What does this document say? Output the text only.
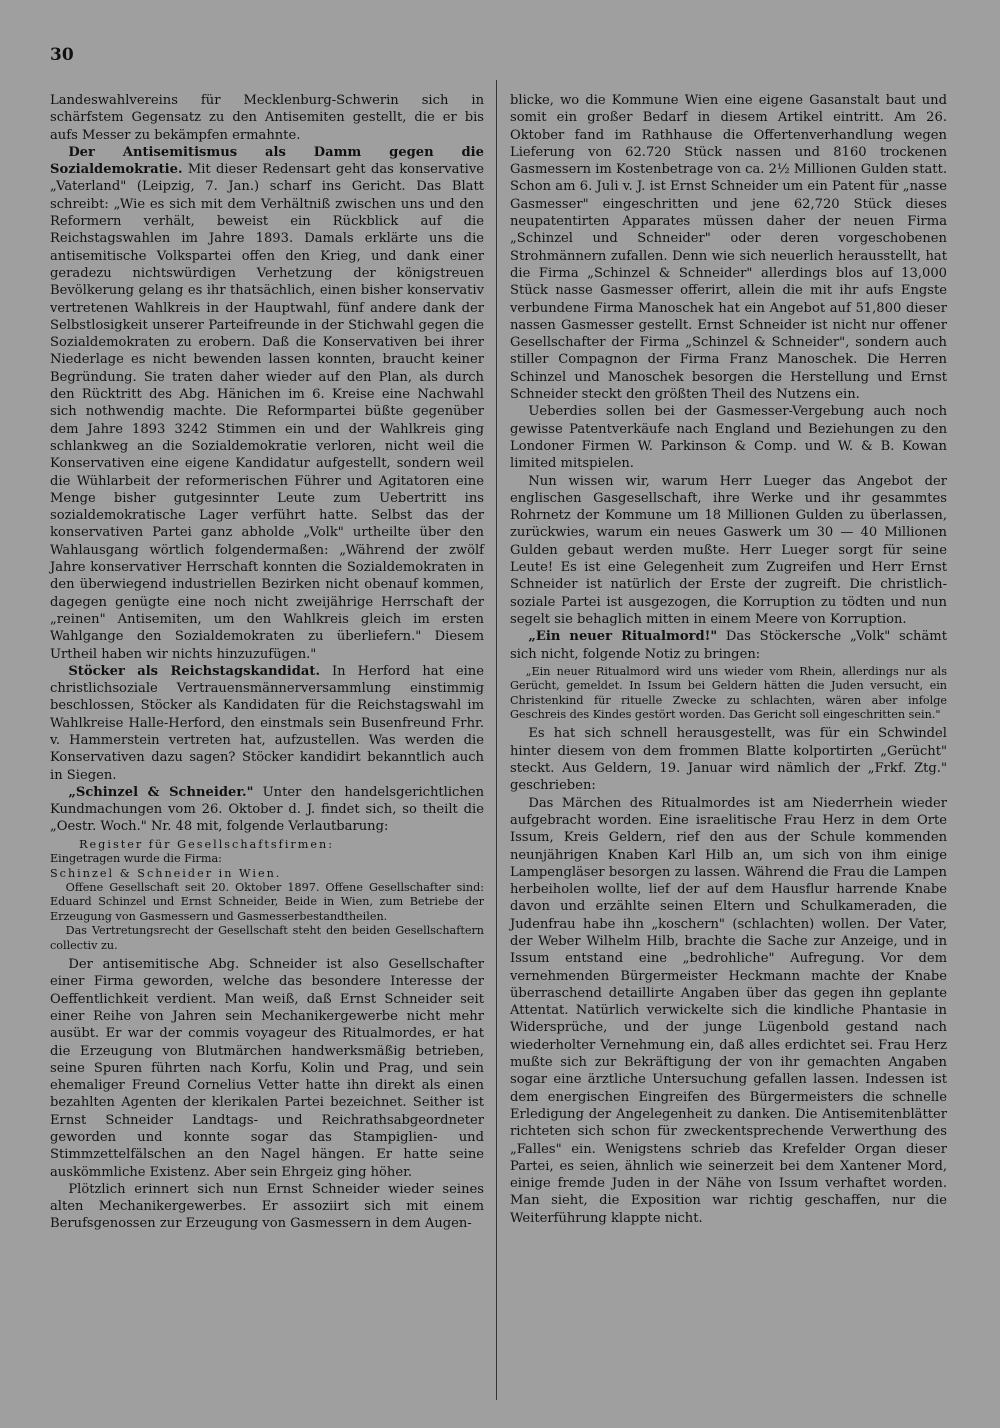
30

Landeswahlvereins für Mecklenburg-Schwerin sich in schärfstem Gegensatz zu den Antisemiten gestellt, die er bis aufs Messer zu bekämpfen ermahnte.

Der Antisemitismus als Damm gegen die Sozialdemokratie. Mit dieser Redensart geht das konservative „Vaterland" (Leipzig, 7. Jan.) scharf ins Gericht. Das Blatt schreibt: „Wie es sich mit dem Verhältniß zwischen uns und den Reformern verhält, beweist ein Rückblick auf die Reichstagswahlen im Jahre 1893. Damals erklärte uns die antisemitische Volkspartei offen den Krieg, und dank einer geradezu nichtswürdigen Verhetzung der königstreuen Bevölkerung gelang es ihr thatsächlich, einen bisher konservativ vertretenen Wahlkreis in der Hauptwahl, fünf andere dank der Selbstlosigkeit unserer Parteifreunde in der Stichwahl gegen die Sozialdemokraten zu erobern. Daß die Konservativen bei ihrer Niederlage es nicht bewenden lassen konnten, braucht keiner Begründung. Sie traten daher wieder auf den Plan, als durch den Rücktritt des Abg. Hänichen im 6. Kreise eine Nachwahl sich nothwendig machte. Die Reformpartei büßte gegenüber dem Jahre 1893 3242 Stimmen ein und der Wahlkreis ging schlankweg an die Sozialdemokratie verloren, nicht weil die Konservativen eine eigene Kandidatur aufgestellt, sondern weil die Wühlarbeit der reformerischen Führer und Agitatoren eine Menge bisher gutgesinnter Leute zum Uebertritt ins sozialdemokratische Lager verführt hatte. Selbst das der konservativen Partei ganz abholde „Volk" urtheilte über den Wahlausgang wörtlich folgendermaßen: „Während der zwölf Jahre konservativer Herrschaft konnten die Sozialdemokraten in den überwiegend industriellen Bezirken nicht obenauf kommen, dagegen genügte eine noch nicht zweijährige Herrschaft der „reinen" Antisemiten, um den Wahlkreis gleich im ersten Wahlgange den Sozialdemokraten zu überliefern." Diesem Urtheil haben wir nichts hinzuzufügen."

Stöcker als Reichstagskandidat. In Herford hat eine christlichsoziale Vertrauensmännerversammlung einstimmig beschlossen, Stöcker als Kandidaten für die Reichstagswahl im Wahlkreise Halle-Herford, den einstmals sein Busenfreund Frhr. v. Hammerstein vertreten hat, aufzustellen. Was werden die Konservativen dazu sagen? Stöcker kandidirt bekanntlich auch in Siegen.

„Schinzel & Schneider." Unter den handelsgerichtlichen Kundmachungen vom 26. Oktober d. J. findet sich, so theilt die „Oestr. Woch." Nr. 48 mit, folgende Verlautbarung:

Register für Gesellschaftsfirmen:

Eingetragen wurde die Firma:

Schinzel & Schneider in Wien.

Offene Gesellschaft seit 20. Oktober 1897. Offene Gesellschafter sind: Eduard Schinzel und Ernst Schneider, Beide in Wien, zum Betriebe der Erzeugung von Gasmessern und Gasmesserbestandtheilen.

Das Vertretungsrecht der Gesellschaft steht den beiden Gesellschaftern collectiv zu.

Der antisemitische Abg. Schneider ist also Gesellschafter einer Firma geworden, welche das besondere Interesse der Oeffentlichkeit verdient. Man weiß, daß Ernst Schneider seit einer Reihe von Jahren sein Mechanikergewerbe nicht mehr ausübt. Er war der commis voyageur des Ritualmordes, er hat die Erzeugung von Blutmärchen handwerksmäßig betrieben, seine Spuren führten nach Korfu, Kolin und Prag, und sein ehemaliger Freund Cornelius Vetter hatte ihn direkt als einen bezahlten Agenten der klerikalen Partei bezeichnet. Seither ist Ernst Schneider Landtags- und Reichrathsabgeordneter geworden und konnte sogar das Stampiglien- und Stimmzettelfälschen an den Nagel hängen. Er hatte seine auskömmliche Existenz. Aber sein Ehrgeiz ging höher.

Plötzlich erinnert sich nun Ernst Schneider wieder seines alten Mechanikergewerbes. Er assoziirt sich mit einem Berufsgenossen zur Erzeugung von Gasmessern in dem Augen-

blicke, wo die Kommune Wien eine eigene Gasanstalt baut und somit ein großer Bedarf in diesem Artikel eintritt. Am 26. Oktober fand im Rathhause die Offertenverhandlung wegen Lieferung von 62.720 Stück nassen und 8160 trockenen Gasmessern im Kostenbetrage von ca. 2½ Millionen Gulden statt. Schon am 6. Juli v. J. ist Ernst Schneider um ein Patent für „nasse Gasmesser" eingeschritten und jene 62,720 Stück dieses neupatentirten Apparates müssen daher der neuen Firma „Schinzel und Schneider" oder deren vorgeschobenen Strohmännern zufallen. Denn wie sich neuerlich herausstellt, hat die Firma „Schinzel & Schneider" allerdings blos auf 13,000 Stück nasse Gasmesser offerirt, allein die mit ihr aufs Engste verbundene Firma Manoschek hat ein Angebot auf 51,800 dieser nassen Gasmesser gestellt. Ernst Schneider ist nicht nur offener Gesellschafter der Firma „Schinzel & Schneider", sondern auch stiller Compagnon der Firma Franz Manoschek. Die Herren Schinzel und Manoschek besorgen die Herstellung und Ernst Schneider steckt den größten Theil des Nutzens ein.

Ueberdies sollen bei der Gasmesser-Vergebung auch noch gewisse Patentverkäufe nach England und Beziehungen zu den Londoner Firmen W. Parkinson & Comp. und W. & B. Kowan limited mitspielen.

Nun wissen wir, warum Herr Lueger das Angebot der englischen Gasgesellschaft, ihre Werke und ihr gesammtes Rohrnetz der Kommune um 18 Millionen Gulden zu überlassen, zurückwies, warum ein neues Gaswerk um 30 — 40 Millionen Gulden gebaut werden mußte. Herr Lueger sorgt für seine Leute! Es ist eine Gelegenheit zum Zugreifen und Herr Ernst Schneider ist natürlich der Erste der zugreift. Die christlich-soziale Partei ist ausgezogen, die Korruption zu tödten und nun segelt sie behaglich mitten in einem Meere von Korruption.

„Ein neuer Ritualmord!" Das Stöckersche „Volk" schämt sich nicht, folgende Notiz zu bringen:

„Ein neuer Ritualmord wird uns wieder vom Rhein, allerdings nur als Gerücht, gemeldet. In Issum bei Geldern hätten die Juden versucht, ein Christenkind für rituelle Zwecke zu schlachten, wären aber infolge Geschreis des Kindes gestört worden. Das Gericht soll eingeschritten sein."

Es hat sich schnell herausgestellt, was für ein Schwindel hinter diesem von dem frommen Blatte kolportirten „Gerücht" steckt. Aus Geldern, 19. Januar wird nämlich der „Frkf. Ztg." geschrieben:

Das Märchen des Ritualmordes ist am Niederrhein wieder aufgebracht worden. Eine israelitische Frau Herz in dem Orte Issum, Kreis Geldern, rief den aus der Schule kommenden neunjährigen Knaben Karl Hilb an, um sich von ihm einige Lampengläser besorgen zu lassen. Während die Frau die Lampen herbeiholen wollte, lief der auf dem Hausflur harrende Knabe davon und erzählte seinen Eltern und Schulkameraden, die Judenfrau habe ihn „koschern" (schlachten) wollen. Der Vater, der Weber Wilhelm Hilb, brachte die Sache zur Anzeige, und in Issum entstand eine „bedrohliche" Aufregung. Vor dem vernehmenden Bürgermeister Heckmann machte der Knabe überraschend detaillirte Angaben über das gegen ihn geplante Attentat. Natürlich verwickelte sich die kindliche Phantasie in Widersprüche, und der junge Lügenbold gestand nach wiederholter Vernehmung ein, daß alles erdichtet sei. Frau Herz mußte sich zur Bekräftigung der von ihr gemachten Angaben sogar eine ärztliche Untersuchung gefallen lassen. Indessen ist dem energischen Eingreifen des Bürgermeisters die schnelle Erledigung der Angelegenheit zu danken. Die Antisemitenblätter richteten sich schon für zweckentsprechende Verwerthung des „Falles" ein. Wenigstens schrieb das Krefelder Organ dieser Partei, es seien, ähnlich wie seinerzeit bei dem Xantener Mord, einige fremde Juden in der Nähe von Issum verhaftet worden. Man sieht, die Exposition war richtig geschaffen, nur die Weiterführung klappte nicht.
